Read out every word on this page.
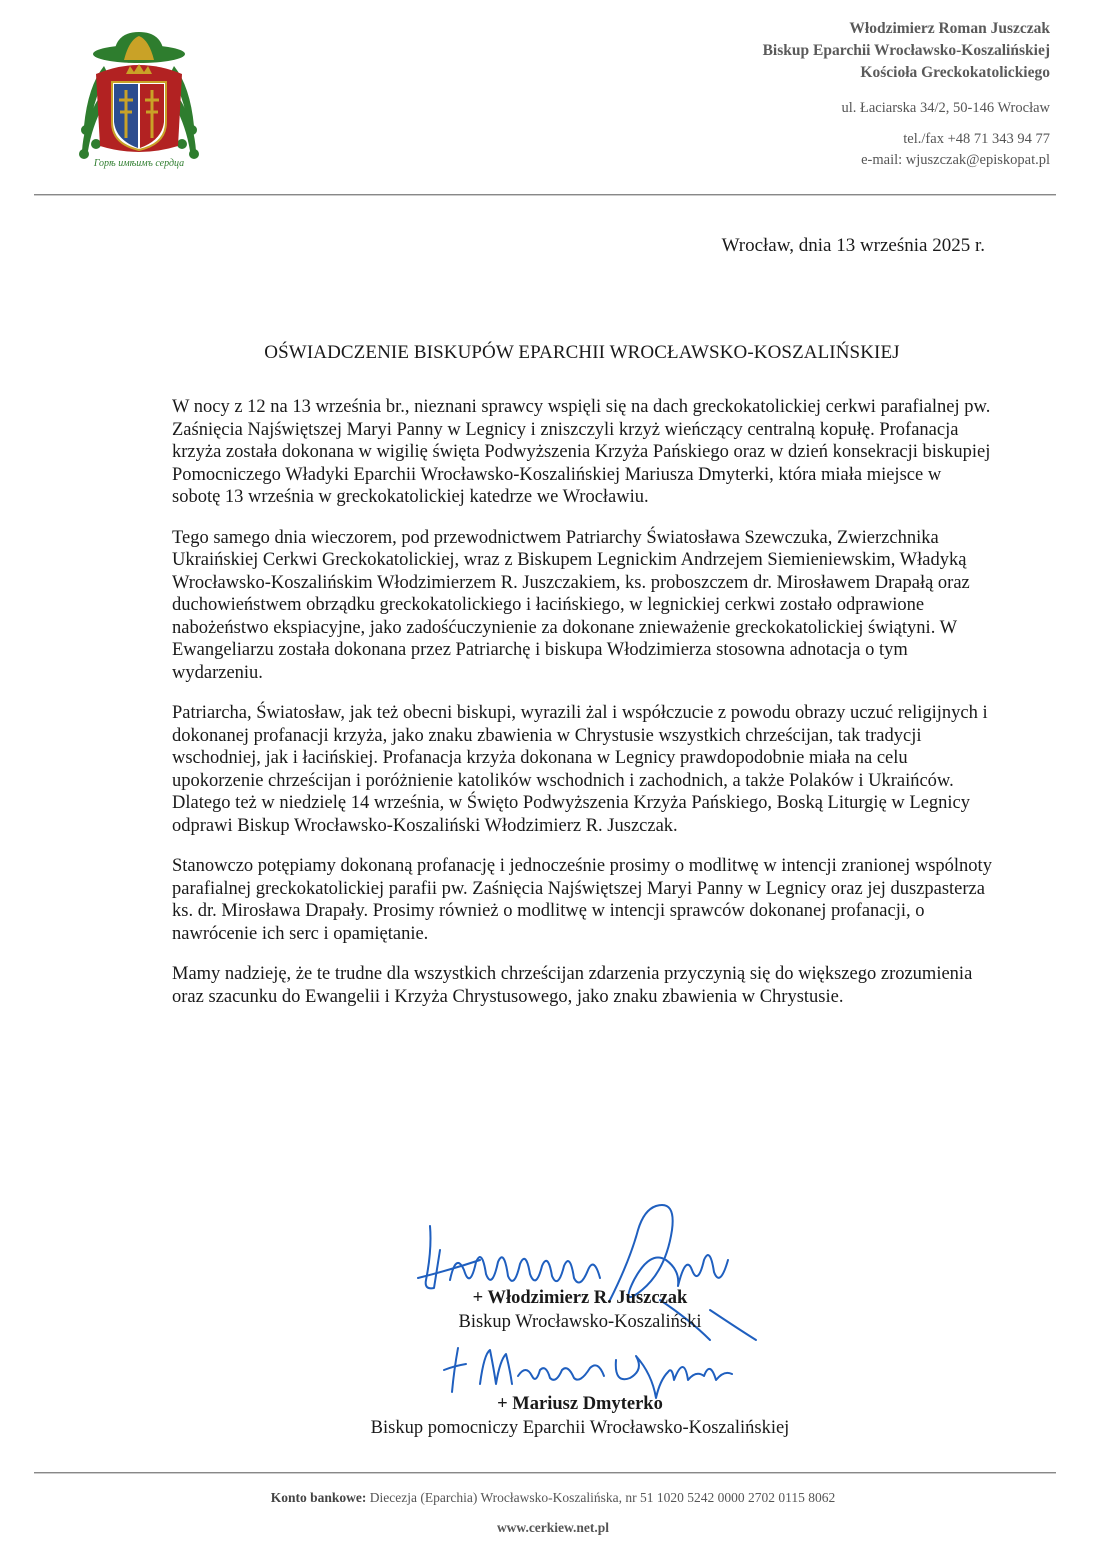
Горѣ имѣимъ сердца
Włodzimierz Roman Juszczak
Biskup Eparchii Wrocławsko-Koszalińskiej
Kościoła Greckokatolickiego
ul. Łaciarska 34/2, 50-146 Wrocław
tel./fax +48 71 343 94 77
e-mail: wjuszczak@episkopat.pl
Wrocław, dnia 13 września 2025 r.
OŚWIADCZENIE BISKUPÓW EPARCHII WROCŁAWSKO-KOSZALIŃSKIEJ

W nocy z 12 na 13 września br., nieznani sprawcy wspięli się na dach greckokatolickiej cerkwi parafialnej pw. Zaśnięcia Najświętszej Maryi Panny w Legnicy i zniszczyli krzyż wieńczący centralną kopułę. Profanacja krzyża została dokonana w wigilię święta Podwyższenia Krzyża Pańskiego oraz w dzień konsekracji biskupiej Pomocniczego Władyki Eparchii Wrocławsko-Koszalińskiej Mariusza Dmyterki, która miała miejsce w sobotę 13 września w greckokatolickiej katedrze we Wrocławiu.

Tego samego dnia wieczorem, pod przewodnictwem Patriarchy Światosława Szewczuka, Zwierzchnika Ukraińskiej Cerkwi Greckokatolickiej, wraz z Biskupem Legnickim Andrzejem Siemieniewskim, Władyką Wrocławsko-Koszalińskim Włodzimierzem R. Juszczakiem, ks. proboszczem dr. Mirosławem Drapałą oraz duchowieństwem obrządku greckokatolickiego i łacińskiego, w legnickiej cerkwi zostało odprawione nabożeństwo ekspiacyjne, jako zadośćuczynienie za dokonane znieważenie greckokatolickiej świątyni. W Ewangeliarzu została dokonana przez Patriarchę i biskupa Włodzimierza stosowna adnotacja o tym wydarzeniu.

Patriarcha, Światosław, jak też obecni biskupi, wyrazili żal i współczucie z powodu obrazy uczuć religijnych i dokonanej profanacji krzyża, jako znaku zbawienia w Chrystusie wszystkich chrześcijan, tak tradycji wschodniej, jak i łacińskiej. Profanacja krzyża dokonana w Legnicy prawdopodobnie miała na celu upokorzenie chrześcijan i poróżnienie katolików wschodnich i zachodnich, a także Polaków i Ukraińców. Dlatego też w niedzielę 14 września, w Święto Podwyższenia Krzyża Pańskiego, Boską Liturgię w Legnicy odprawi Biskup Wrocławsko-Koszaliński Włodzimierz R. Juszczak.

Stanowczo potępiamy dokonaną profanację i jednocześnie prosimy o modlitwę w intencji zranionej wspólnoty parafialnej greckokatolickiej parafii pw. Zaśnięcia Najświętszej Maryi Panny w Legnicy oraz jej duszpasterza ks. dr. Mirosława Drapały. Prosimy również o modlitwę w intencji sprawców dokonanej profanacji, o nawrócenie ich serc i opamiętanie.

Mamy nadzieję, że te trudne dla wszystkich chrześcijan zdarzenia przyczynią się do większego zrozumienia oraz szacunku do Ewangelii i Krzyża Chrystusowego, jako znaku zbawienia w Chrystusie.

+ Włodzimierz R. Juszczak
Biskup Wrocławsko-Koszaliński
+ Mariusz Dmyterko
Biskup pomocniczy Eparchii Wrocławsko-Koszalińskiej
Konto bankowe: Diecezja (Eparchia) Wrocławsko-Koszalińska, nr 51 1020 5242 0000 2702 0115 8062
www.cerkiew.net.pl
